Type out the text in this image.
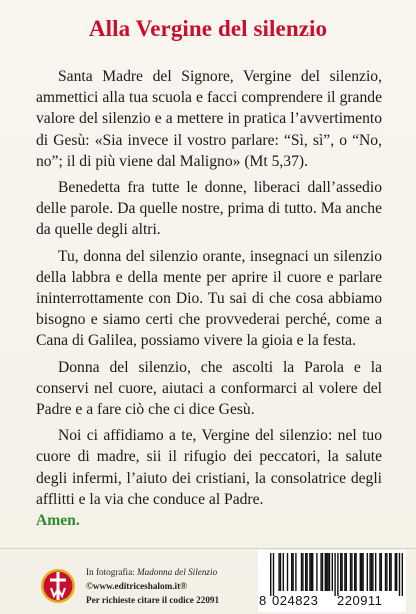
Alla Vergine del silenzio

Santa Madre del Signore, Vergine del silenzio, ammettici alla tua scuola e facci comprendere il grande valore del silenzio e a mettere in pratica l’avvertimento di Gesù: «Sia invece il vostro parlare: “Sì, sì”, o “No, no”; il di più viene dal Maligno» (Mt 5,37).

Benedetta fra tutte le donne, liberaci dall’assedio delle parole. Da quelle nostre, prima di tutto. Ma anche da quelle degli altri.

Tu, donna del silenzio orante, insegnaci un silenzio della labbra e della mente per aprire il cuore e parlare ininterrottamente con Dio. Tu sai di che cosa abbiamo bisogno e siamo certi che provvederai perché, come a Cana di Galilea, possiamo vivere la gioia e la festa.

Donna del silenzio, che ascolti la Parola e la conservi nel cuore, aiutaci a conformarci al volere del Padre e a fare ciò che ci dice Gesù.

Noi ci affidiamo a te, Vergine del silenzio: nel tuo cuore di madre, sii il rifugio dei peccatori, la salute degli infermi, l’aiuto dei cristiani, la consolatrice degli afflitti e la via che conduce al Padre.
Amen.

In fotografia: Madonna del Silenzio
©www.editriceshalom.it®
Per richieste citare il codice 22091	8 024823 220911
